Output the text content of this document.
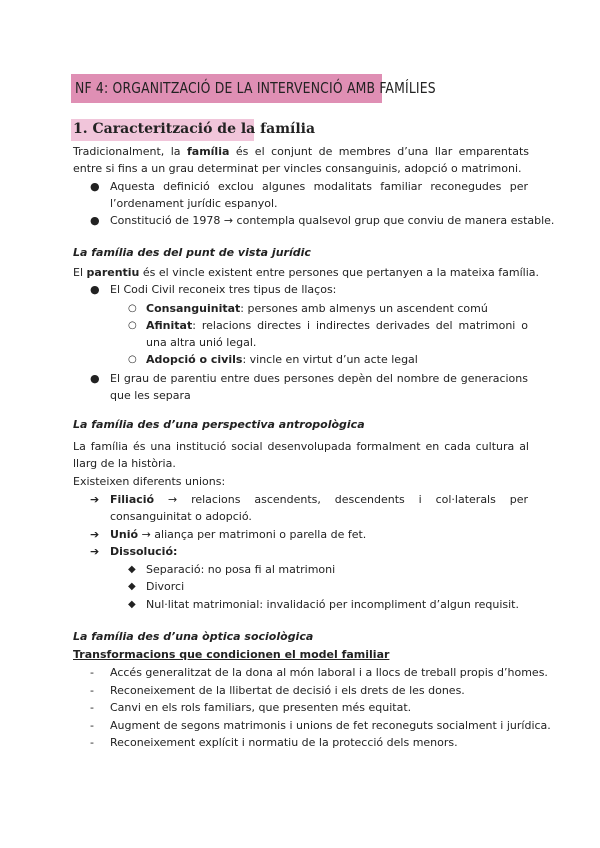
NF 4: ORGANITZACIÓ DE LA INTERVENCIÓ AMB FAMÍLIES
1. Caracterització de la família
Tradicionalment, la família és el conjunt de membres d’una llar emparentats entre si fins a un grau determinat per vincles consanguinis, adopció o matrimoni.
● Aquesta definició exclou algunes modalitats familiar reconegudes per l’ordenament jurídic espanyol.
● Constitució de 1978 → contempla qualsevol grup que conviu de manera estable.
La família des del punt de vista jurídic
El parentiu és el vincle existent entre persones que pertanyen a la mateixa família.
● El Codi Civil reconeix tres tipus de llaços:
○ Consanguinitat: persones amb almenys un ascendent comú
○ Afinitat: relacions directes i indirectes derivades del matrimoni o una altra unió legal.
○ Adopció o civils: vincle en virtut d’un acte legal
● El grau de parentiu entre dues persones depèn del nombre de generacions que les separa
La família des d’una perspectiva antropològica
La família és una institució social desenvolupada formalment en cada cultura al llarg de la història.
Existeixen diferents unions:
➔ Filiació → relacions ascendents, descendents i col·laterals per consanguinitat o adopció.
➔ Unió → aliança per matrimoni o parella de fet.
➔ Dissolució:
◆ Separació: no posa fi al matrimoni
◆ Divorci
◆ Nul·litat matrimonial: invalidació per incompliment d’algun requisit.
La família des d’una òptica sociològica
Transformacions que condicionen el model familiar
- Accés generalitzat de la dona al món laboral i a llocs de treball propis d’homes.
- Reconeixement de la llibertat de decisió i els drets de les dones.
- Canvi en els rols familiars, que presenten més equitat.
- Augment de segons matrimonis i unions de fet reconeguts socialment i jurídica.
- Reconeixement explícit i normatiu de la protecció dels menors.
